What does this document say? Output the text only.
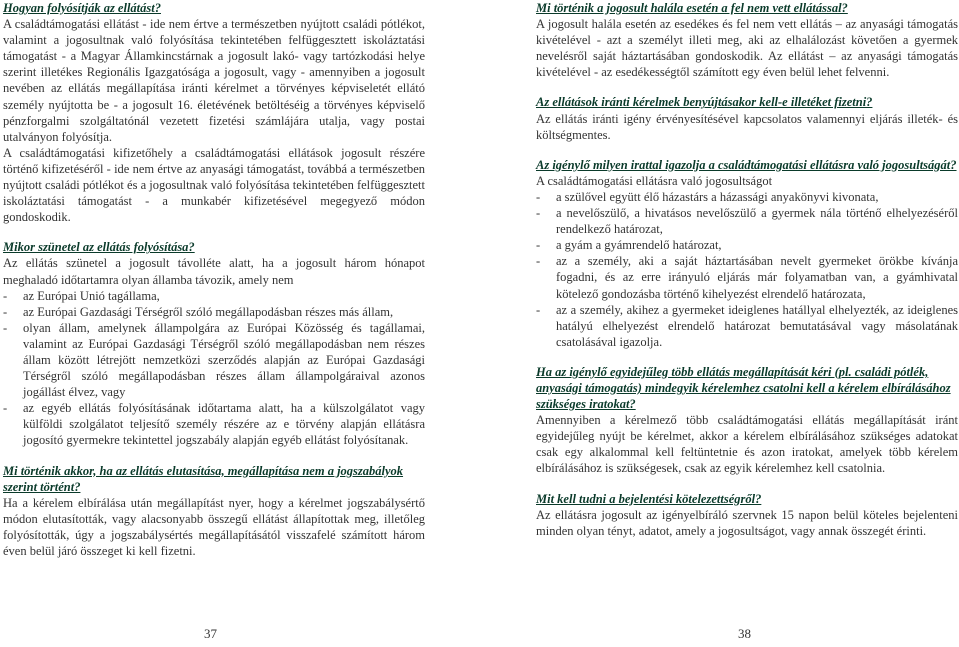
Hogyan folyósítják az ellátást?

A családtámogatási ellátást - ide nem értve a természetben nyújtott családi pótlékot, valamint a jogosultnak való folyósítása tekintetében felfüggesztett iskoláztatási támogatást - a Magyar Államkincstárnak a jogosult lakó- vagy tartózkodási helye szerint illetékes Regionális Igazgatósága a jogosult, vagy - amennyiben a jogosult nevében az ellátás megállapítása iránti kérelmet a törvényes képviseletét ellátó személy nyújtotta be - a jogosult 16. életévének betöltéséig a törvényes képviselő pénzforgalmi szolgáltatónál vezetett fizetési számlájára utalja, vagy postai utalványon folyósítja.

A családtámogatási kifizetőhely a családtámogatási ellátások jogosult részére történő kifizetéséről - ide nem értve az anyasági támogatást, továbbá a természetben nyújtott családi pótlékot és a jogosultnak való folyósítása tekintetében felfüggesztett iskoláztatási támogatást - a munkabér kifizetésével megegyező módon gondoskodik.

Mikor szünetel az ellátás folyósítása?

Az ellátás szünetel a jogosult távolléte alatt, ha a jogosult három hónapot meghaladó időtartamra olyan államba távozik, amely nem

-	az Európai Unió tagállama,
-	az Európai Gazdasági Térségről szóló megállapodásban részes más állam,
-	olyan állam, amelynek állampolgára az Európai Közösség és tagállamai, valamint az Európai Gazdasági Térségről szóló megállapodásban nem részes állam között létrejött nemzetközi szerződés alapján az Európai Gazdasági Térségről szóló megállapodásban részes állam állampolgáraival azonos jogállást élvez, vagy
-	az egyéb ellátás folyósításának időtartama alatt, ha a külszolgálatot vagy külföldi szolgálatot teljesítő személy részére az e törvény alapján ellátásra jogosító gyermekre tekintettel jogszabály alapján egyéb ellátást folyósítanak.

Mi történik akkor, ha az ellátás elutasítása, megállapítása nem a jogszabályok szerint történt?

Ha a kérelem elbírálása után megállapítást nyer, hogy a kérelmet jogszabálysértő módon elutasították, vagy alacsonyabb összegű ellátást állapítottak meg, illetőleg folyósították, úgy a jogszabálysértés megállapításától visszafelé számított három éven belül járó összeget ki kell fizetni.

Mi történik a jogosult halála esetén a fel nem vett ellátással?

A jogosult halála esetén az esedékes és fel nem vett ellátás – az anyasági támogatás kivételével - azt a személyt illeti meg, aki az elhalálozást követően a gyermek nevelésről saját háztartásában gondoskodik. Az ellátást – az anyasági támogatás kivételével - az esedékességtől számított egy éven belül lehet felvenni.

Az ellátások iránti kérelmek benyújtásakor kell-e illetéket fizetni?

Az ellátás iránti igény érvényesítésével kapcsolatos valamennyi eljárás illeték- és költségmentes.

Az igénylő milyen irattal igazolja a családtámogatási ellátásra való jogosultságát?

A családtámogatási ellátásra való jogosultságot

-	a szülővel együtt élő házastárs a házassági anyakönyvi kivonata,
-	a nevelőszülő, a hivatásos nevelőszülő a gyermek nála történő elhelyezéséről rendelkező határozat,
-	a gyám a gyámrendelő határozat,
-	az a személy, aki a saját háztartásában nevelt gyermeket örökbe kívánja fogadni, és az erre irányuló eljárás már folyamatban van, a gyámhivatal kötelező gondozásba történő kihelyezést elrendelő határozata,
-	az a személy, akihez a gyermeket ideiglenes hatállyal elhelyezték, az ideiglenes hatályú elhelyezést elrendelő határozat bemutatásával vagy másolatának csatolásával igazolja.

Ha az igénylő egyidejűleg több ellátás megállapítását kéri (pl. családi pótlék, anyasági támogatás) mindegyik kérelemhez csatolni kell a kérelem elbírálásához szükséges iratokat?

Amennyiben a kérelmező több családtámogatási ellátás megállapítását iránt egyidejűleg nyújt be kérelmet, akkor a kérelem elbírálásához szükséges adatokat csak egy alkalommal kell feltüntetnie és azon iratokat, amelyek több kérelem elbírálásához is szükségesek, csak az egyik kérelemhez kell csatolnia.

Mit kell tudni a bejelentési kötelezettségről?

Az ellátásra jogosult az igényelbíráló szervnek 15 napon belül köteles bejelenteni minden olyan tényt, adatot, amely a jogosultságot, vagy annak összegét érinti.

37	38
